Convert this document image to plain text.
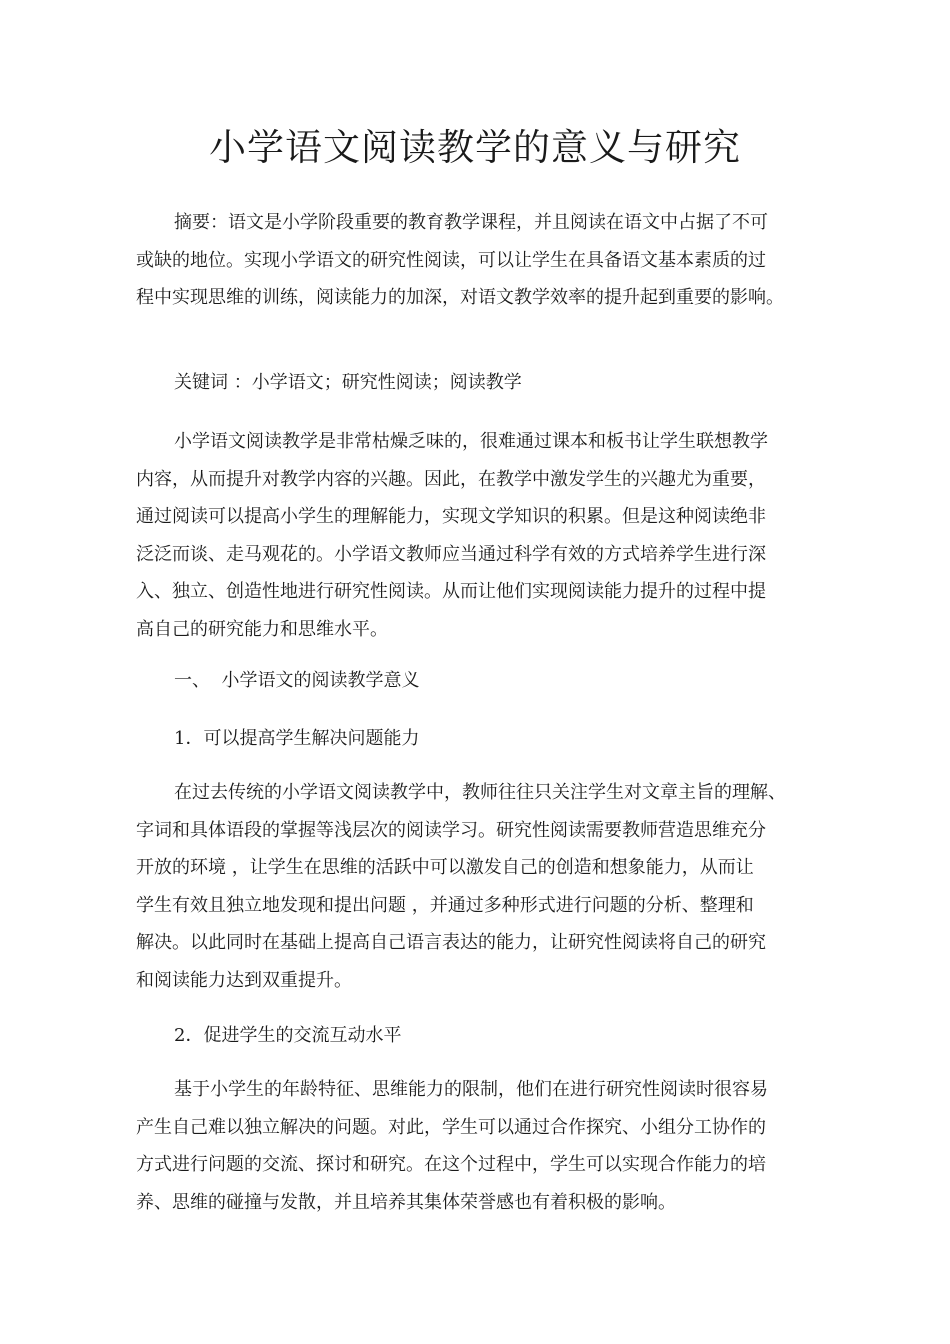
小学语文阅读教学的意义与研究
摘要：语文是小学阶段重要的教育教学课程，并且阅读在语文中占据了不可
或缺的地位。实现小学语文的研究性阅读，可以让学生在具备语文基本素质的过
程中实现思维的训练，阅读能力的加深，对语文教学效率的提升起到重要的影响。
关键词 ：小学语文；研究性阅读；阅读教学
小学语文阅读教学是非常枯燥乏味的，很难通过课本和板书让学生联想教学
内容，从而提升对教学内容的兴趣。因此，在教学中激发学生的兴趣尤为重要，
通过阅读可以提高小学生的理解能力，实现文学知识的积累。但是这种阅读绝非
泛泛而谈、走马观花的。小学语文教师应当通过科学有效的方式培养学生进行深
入、独立、创造性地进行研究性阅读。从而让他们实现阅读能力提升的过程中提
高自己的研究能力和思维水平。
一、  小学语文的阅读教学意义
1．可以提高学生解决问题能力
在过去传统的小学语文阅读教学中，教师往往只关注学生对文章主旨的理解、
字词和具体语段的掌握等浅层次的阅读学习。研究性阅读需要教师营造思维充分
开放的环境 ，让学生在思维的活跃中可以激发自己的创造和想象能力，从而让
学生有效且独立地发现和提出问题 ，并通过多种形式进行问题的分析、整理和
解决。以此同时在基础上提高自己语言表达的能力，让研究性阅读将自己的研究
和阅读能力达到双重提升。
2．促进学生的交流互动水平
基于小学生的年龄特征、思维能力的限制，他们在进行研究性阅读时很容易
产生自己难以独立解决的问题。对此，学生可以通过合作探究、小组分工协作的
方式进行问题的交流、探讨和研究。在这个过程中，学生可以实现合作能力的培
养、思维的碰撞与发散，并且培养其集体荣誉感也有着积极的影响。
